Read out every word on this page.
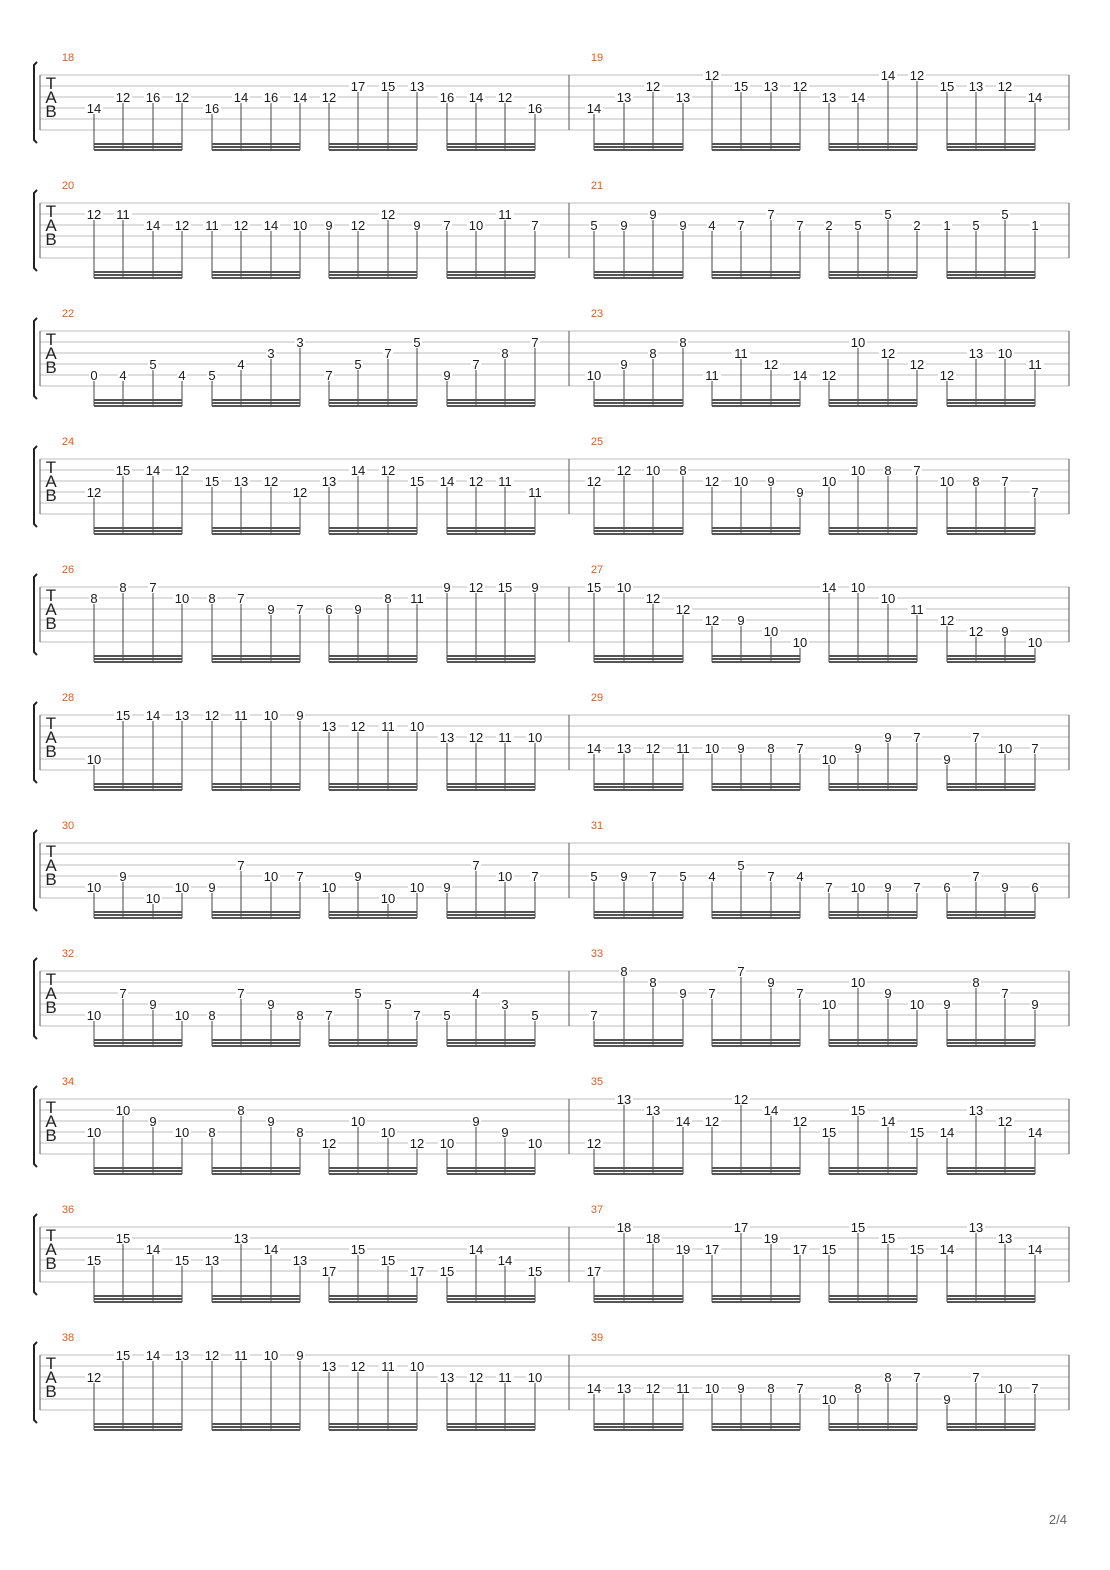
T
A
B
18
14
12 16 12
16
14 16 14 12
17 15 13
16 14 12
16
19
14
13
12
13
12
15 13 12
13 14
14 12
15 13 12
14
T
A
B
20
12 11
14 12 11 12 14 10 9 12
12
9 7 10
11
7
21
5 9
9
9 4 7
7
7 2 5
5
2 1 5
5
1
T
A
B
22
0 4
5
4 5
4
3
3
7
5
7
5
9
7
8
7
23
10
9
8
8
11
11
12
14 12
10
12
12
12
13 10
11
T
A
B
24
12
15 14 12
15 13 12
12
13
14 12
15 14 12 11
11
25
12
12 10 8
12 10 9
9
10
10 8 7
10 8 7
7
T
A
B
26
8
8 7
10 8 7
9 7 6 9
8 11
9 12 15 9
27
15 10
12
12
12 9
10
10
14 10
10
11
12
12 9
10
T
A
B
28
10
15 14 13 12 11 10 9
13 12 11 10
13 12 11 10
29
14 13 12 11 10 9 8 7
10
9
9 7
9
7
10 7
T
A
B
30
10
9
10
10 9
7
10 7
10
9
10
10 9
7
10 7
31
5 9 7 5 4
5
7 4
7 10 9 7 6
7
9 6
T
A
B
32
10
7
9
10 8
7
9
8 7
5
5
7 5
4
3
5
33
7
8
8
9 7
7
9
7
10
10
9
10 9
8
7
9
T
A
B
34
10
10
9
10 8
8
9
8
12
10
10
12 10
9
9
10
35
12
13
13
14 12
12
14
12
15
15
14
15 14
13
12
14
T
A
B
36
15
15
14
15 13
13
14
13
17
15
15
17 15
14
14
15
37
17
18
18
19 17
17
19
17 15
15
15
15 14
13
13
14
T
A
B
38
12
15 14 13 12 11 10 9
13 12 11 10
13 12 11 10
39
14 13 12 11 10 9 8 7
10
8
8 7
9
7
10 7
2/4
